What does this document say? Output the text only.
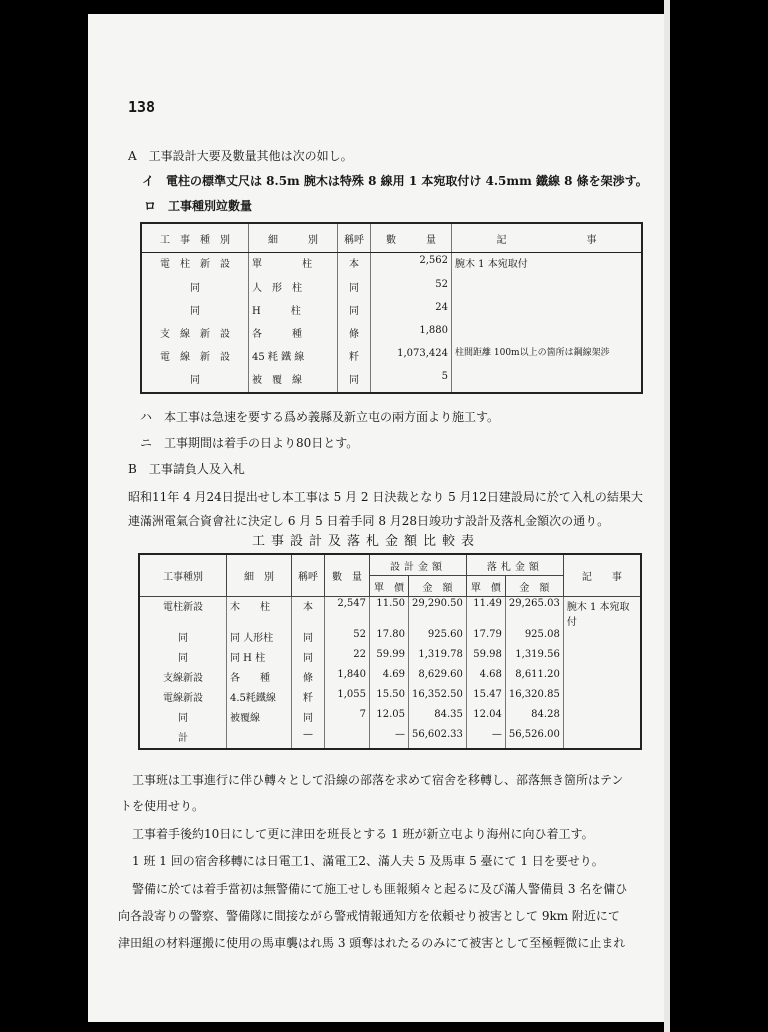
138
A　工事設計大要及數量其他は次の如し。
イ　電柱の標準丈尺は 8.5m 腕木は特殊 8 線用 1 本宛取付け 4.5mm 鐵線 8 條を架渉す。
ロ　工事種別竝數量
工　事　種　別	細　　　別	稱呼	數　　　量	記　　　　　　　　事
電　柱　新　設	單　　　　柱	本	2,562	腕木 1 本宛取付
同	人　形　柱	同	52	
同	H　　　柱	同	24	
支　線　新　設	各　　　種	條	1,880	
電　線　新　設	45 粍 鐵 線	粁	1,073,424	柱間距離 100m以上の箇所は鋼線架渉

同	被　覆　線	同	5	
ハ　本工事は急速を要する爲め義縣及新立屯の兩方面より施工す。
ニ　工事期間は着手の日より80日とす。
B　工事請負人及入札
昭和11年 4 月24日提出せし本工事は 5 月 2 日決裁となり 5 月12日建設局に於て入札の結果大
連滿洲電氣合資會社に決定し 6 月 5 日着手同 8 月28日竣功す設計及落札金額次の通り。
工事設計及落札金額比較表
工事種別	細　別	稱呼	數　量	設計金額		落札金額		記　　事
				單　價	金　額	單　價	金　額	
電柱新設	木　　柱	本	2,547	11.50	29,290.50	11.49	29,265.03	腕木 1 本宛取付
同	同 人形柱	同	52	17.80	925.60	17.79	925.08	
同	同 H 柱	同	22	59.99	1,319.78	59.98	1,319.56	
支線新設	各　　種	條	1,840	4.69	8,629.60	4.68	8,611.20	
電線新設	4.5粍鐵線	粁	1,055	15.50	16,352.50	15.47	16,320.85	
同	被覆線	同	7	12.05	84.35	12.04	84.28	
計		—		—	56,602.33	—	56,526.00	
工事班は工事進行に伴ひ轉々として沿線の部落を求めて宿舍を移轉し、部落無き箇所はテン
トを使用せり。
工事着手後約10日にして更に津田を班長とする 1 班が新立屯より海州に向ひ着工す。
1 班 1 回の宿舍移轉には日電工1、滿電工2、滿人夫 5 及馬車 5 臺にて 1 日を要せり。
警備に於ては着手當初は無警備にて施工せしも匪報頻々と起るに及び滿人警備員 3 名を傭ひ
向各設寄りの警察、警備隊に間接ながら警戒情報通知方を依頼せり被害として 9km 附近にて
津田組の材料運搬に使用の馬車襲はれ馬 3 頭奪はれたるのみにて被害として至極輕微に止まれ
